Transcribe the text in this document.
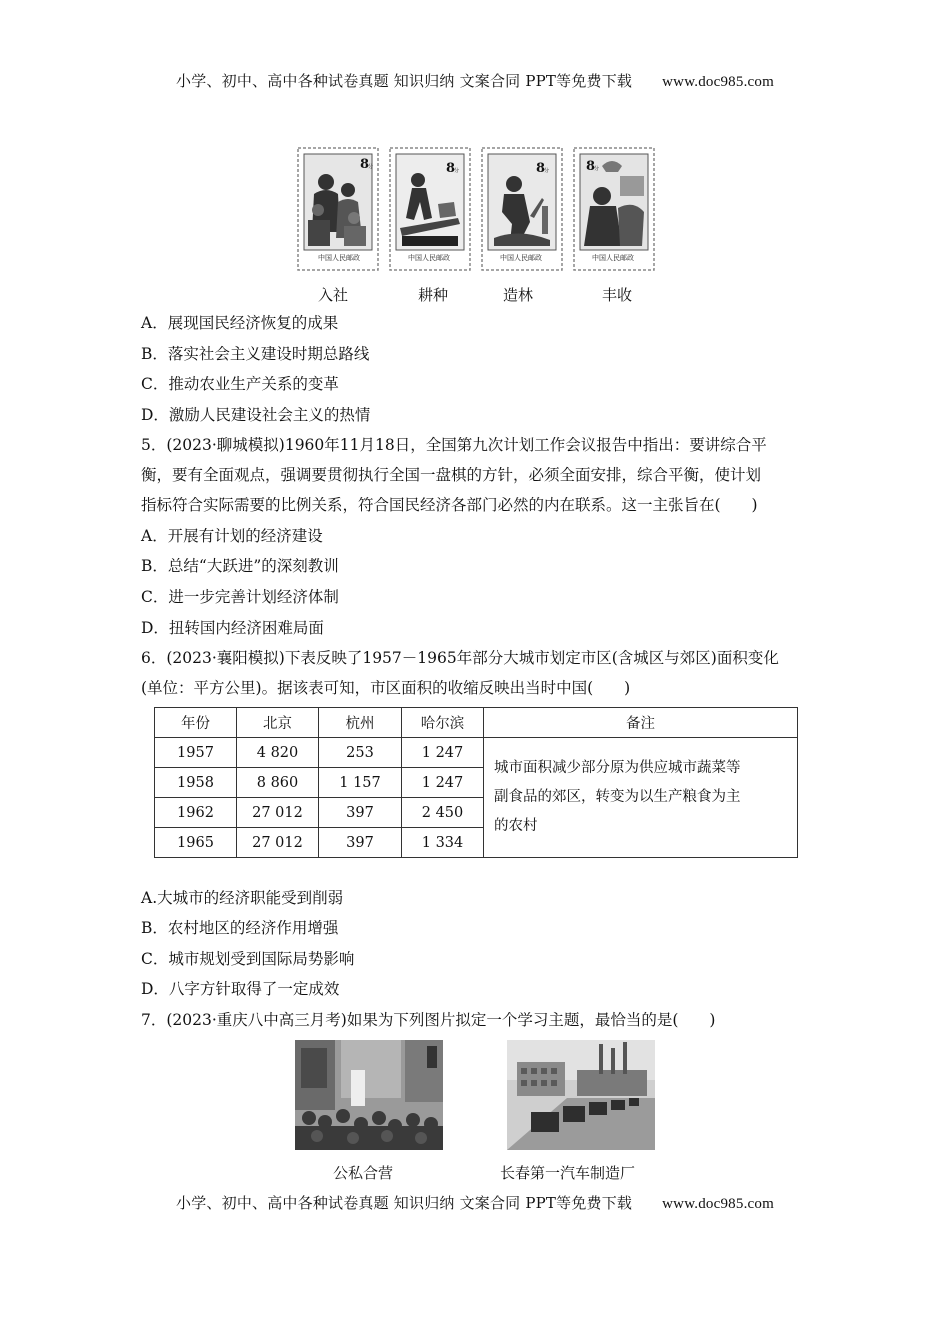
小学、初中、高中各种试卷真题 知识归纳 文案合同 PPT等免费下载 www.doc985.com
8
分
中国人民邮政
8
分
中国人民邮政
8
分
中国人民邮政
8
分
中国人民邮政
入社	耕种	造林	丰收
A．展现国民经济恢复的成果
B．落实社会主义建设时期总路线
C．推动农业生产关系的变革
D．激励人民建设社会主义的热情
5．(2023·聊城模拟)1960年11月18日，全国第九次计划工作会议报告中指出：要讲综合平
衡，要有全面观点，强调要贯彻执行全国一盘棋的方针，必须全面安排，综合平衡，使计划
指标符合实际需要的比例关系，符合国民经济各部门必然的内在联系。这一主张旨在(　　)
A．开展有计划的经济建设
B．总结“大跃进”的深刻教训
C．进一步完善计划经济体制
D．扭转国内经济困难局面
6．(2023·襄阳模拟)下表反映了1957－1965年部分大城市划定市区(含城区与郊区)面积变化
(单位：平方公里)。据该表可知，市区面积的收缩反映出当时中国(　　)
年份	北京	杭州	哈尔滨	备注
1957	4 820	253	1 247	城市面积减少部分原为供应城市蔬菜等
副食品的郊区，转变为以生产粮食为主
的农村

1958	8 860	1 157	1 247	
1962	27 012	397	2 450	
1965	27 012	397	1 334	
A.大城市的经济职能受到削弱
B．农村地区的经济作用增强
C．城市规划受到国际局势影响
D．八字方针取得了一定成效
7．(2023·重庆八中高三月考)如果为下列图片拟定一个学习主题，最恰当的是(　　)
公私合营	长春第一汽车制造厂
小学、初中、高中各种试卷真题 知识归纳 文案合同 PPT等免费下载 www.doc985.com
